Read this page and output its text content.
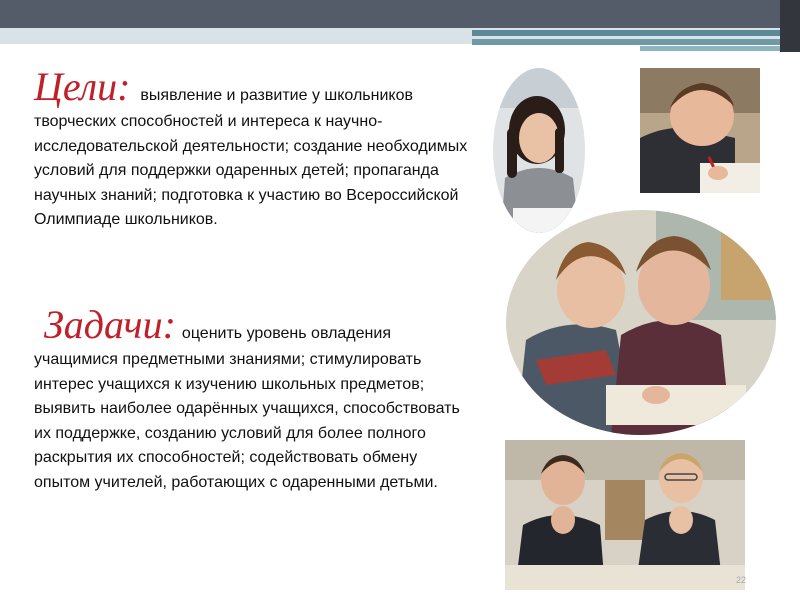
Цели: выявление и развитие у школьников творческих способностей и интереса к научно-исследовательской деятельности; создание необходимых условий для поддержки одаренных детей; пропаганда научных знаний; подготовка к участию во Всероссийской Олимпиаде школьников.
Задачи: оценить уровень овладения учащимися предметными знаниями; стимулировать интерес учащихся к изучению школьных предметов; выявить наиболее одарённых учащихся, способствовать их поддержке, созданию условий для более полного раскрытия их способностей; содействовать обмену опытом учителей, работающих с одаренными детьми.
22
